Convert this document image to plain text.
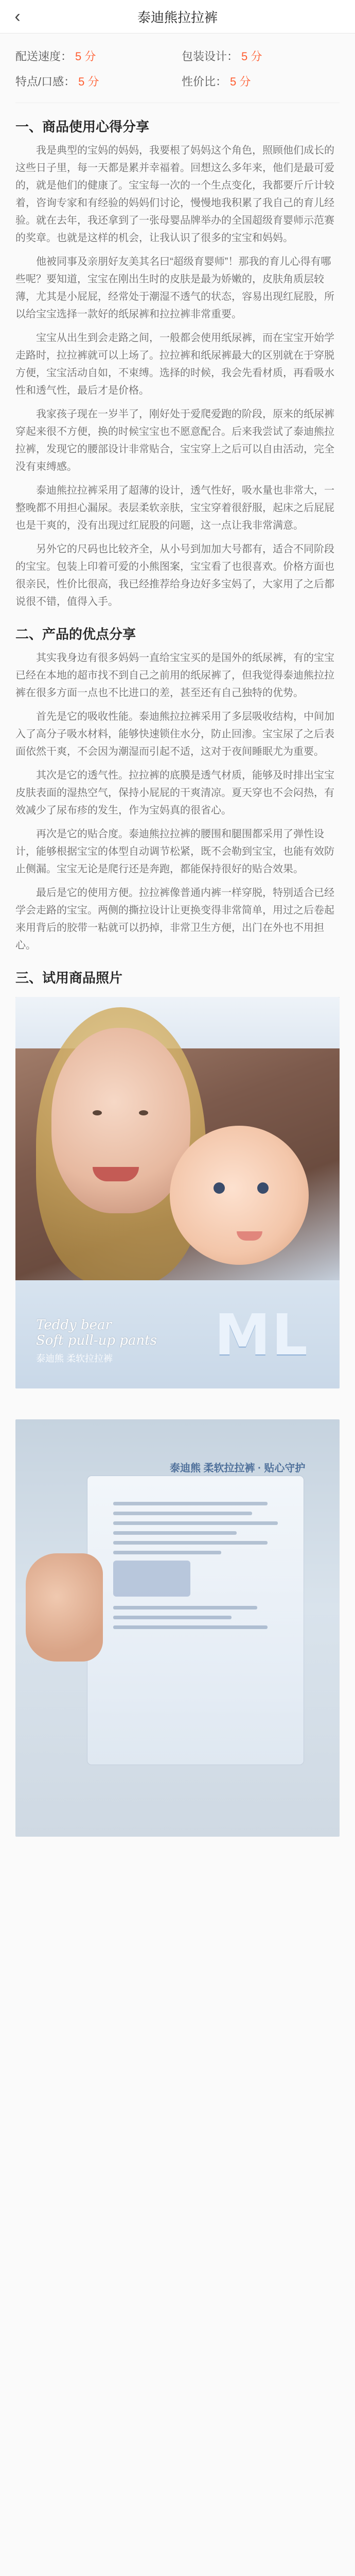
‹	泰迪熊拉拉裤
配送速度： 5 分	包装设计： 5 分
特点/口感： 5 分	性价比： 5 分
一、商品使用心得分享

我是典型的宝妈的妈妈，我要根了妈妈这个角色，照顾他们成长的这些日子里，每一天都是累并幸福着。回想这么多年来，他们是最可爱的，就是他们的健康了。宝宝每一次的一个生点变化，我都要斤斤计较着，咨询专家和有经验的妈妈们讨论，慢慢地我积累了我自己的育儿经验。就在去年，我还拿到了一张母婴品牌举办的全国超级育婴师示范赛的奖章。也就是这样的机会，让我认识了很多的宝宝和妈妈。

他被同事及亲朋好友美其名曰“超级育婴师”！那我的育儿心得有哪些呢？要知道，宝宝在刚出生时的皮肤是最为娇嫩的，皮肤角质层较薄，尤其是小屁屁，经常处于潮湿不透气的状态，容易出现红屁股，所以给宝宝选择一款好的纸尿裤和拉拉裤非常重要。

宝宝从出生到会走路之间，一般都会使用纸尿裤，而在宝宝开始学走路时，拉拉裤就可以上场了。拉拉裤和纸尿裤最大的区别就在于穿脱方便，宝宝活动自如，不束缚。选择的时候，我会先看材质，再看吸水性和透气性，最后才是价格。

我家孩子现在一岁半了，刚好处于爱爬爱跑的阶段，原来的纸尿裤穿起来很不方便，换的时候宝宝也不愿意配合。后来我尝试了泰迪熊拉拉裤，发现它的腰部设计非常贴合，宝宝穿上之后可以自由活动，完全没有束缚感。

泰迪熊拉拉裤采用了超薄的设计，透气性好，吸水量也非常大，一整晚都不用担心漏尿。表层柔软亲肤，宝宝穿着很舒服，起床之后屁屁也是干爽的，没有出现过红屁股的问题，这一点让我非常满意。

另外它的尺码也比较齐全，从小号到加加大号都有，适合不同阶段的宝宝。包装上印着可爱的小熊图案，宝宝看了也很喜欢。价格方面也很亲民，性价比很高，我已经推荐给身边好多宝妈了，大家用了之后都说很不错，值得入手。

二、产品的优点分享

其实我身边有很多妈妈一直给宝宝买的是国外的纸尿裤，有的宝宝已经在本地的超市找不到自己之前用的纸尿裤了，但我觉得泰迪熊拉拉裤在很多方面一点也不比进口的差，甚至还有自己独特的优势。

首先是它的吸收性能。泰迪熊拉拉裤采用了多层吸收结构，中间加入了高分子吸水材料，能够快速锁住水分，防止回渗。宝宝尿了之后表面依然干爽，不会因为潮湿而引起不适，这对于夜间睡眠尤为重要。

其次是它的透气性。拉拉裤的底膜是透气材质，能够及时排出宝宝皮肤表面的湿热空气，保持小屁屁的干爽清凉。夏天穿也不会闷热，有效减少了尿布疹的发生，作为宝妈真的很省心。

再次是它的贴合度。泰迪熊拉拉裤的腰围和腿围都采用了弹性设计，能够根据宝宝的体型自动调节松紧，既不会勒到宝宝，也能有效防止侧漏。宝宝无论是爬行还是奔跑，都能保持很好的贴合效果。

最后是它的使用方便。拉拉裤像普通内裤一样穿脱，特别适合已经学会走路的宝宝。两侧的撕拉设计让更换变得非常简单，用过之后卷起来用背后的胶带一粘就可以扔掉，非常卫生方便，出门在外也不用担心。

三、试用商品照片
Teddy bear
Soft pull-up pants
泰迪熊 柔软拉拉裤 ML
泰迪熊 柔软拉拉裤 · 贴心守护
